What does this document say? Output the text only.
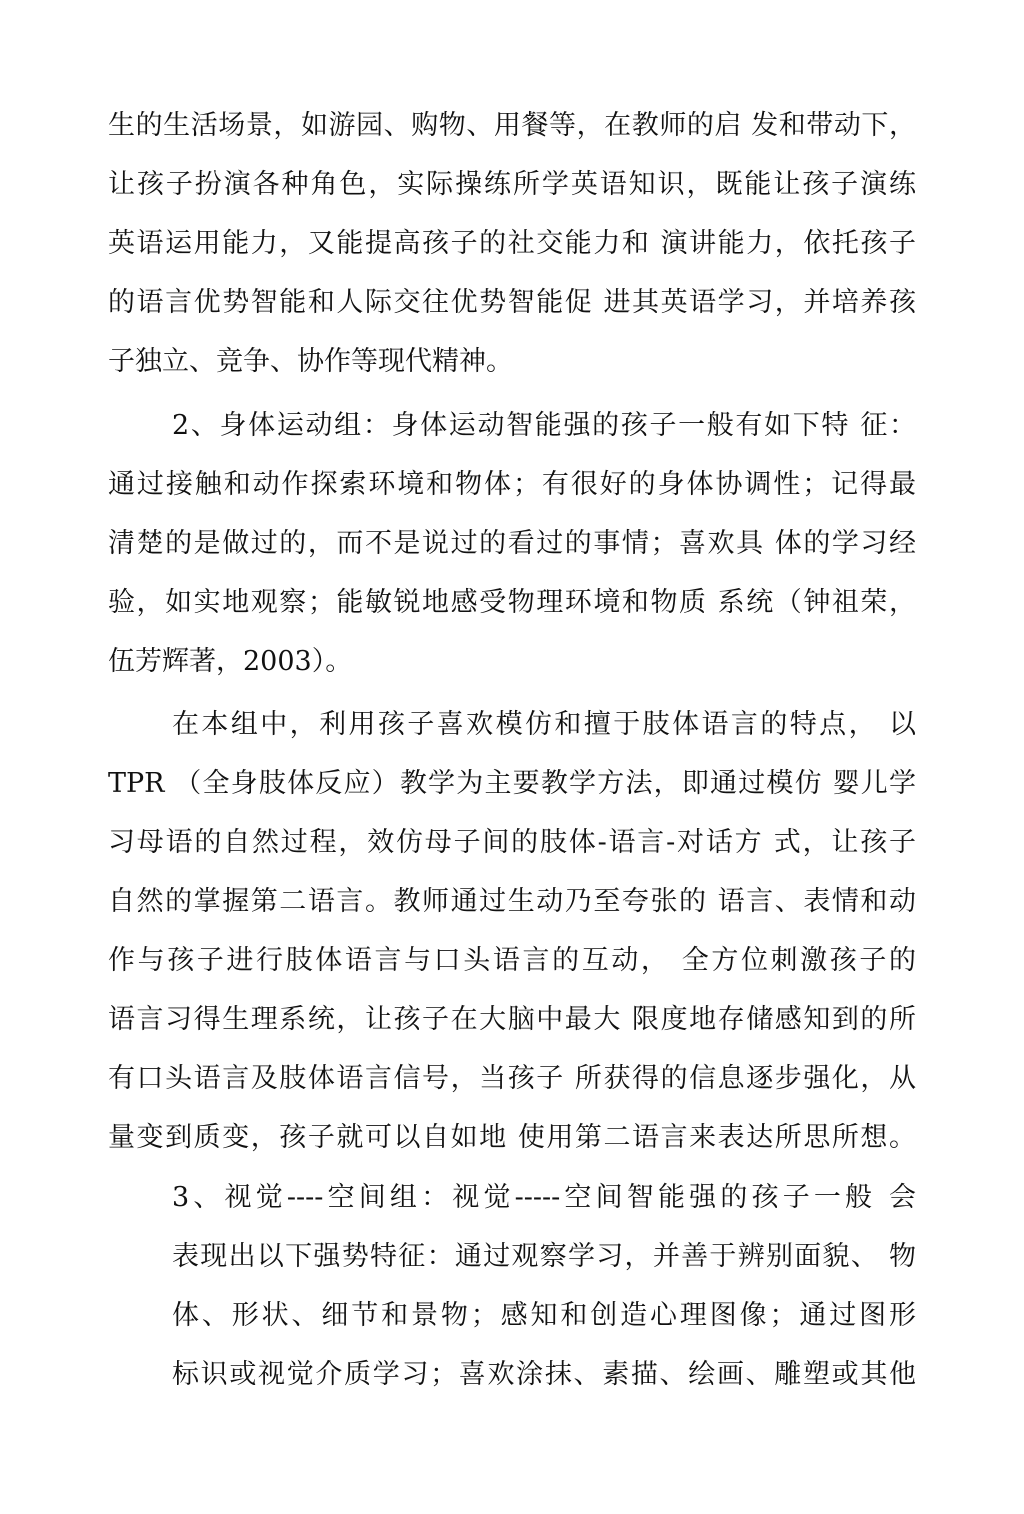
生的生活场景，如游园、购物、用餐等，在教师的启 发和带动下，
让孩子扮演各种角色，实际操练所学英语知识，既能让孩子演练
英语运用能力，又能提高孩子的社交能力和 演讲能力，依托孩子
的语言优势智能和人际交往优势智能促 进其英语学习，并培养孩
子独立、竞争、协作等现代精神。
2、身体运动组：身体运动智能强的孩子一般有如下特 征：
通过接触和动作探索环境和物体；有很好的身体协调性；记得最
清楚的是做过的，而不是说过的看过的事情；喜欢具 体的学习经
验，如实地观察；能敏锐地感受物理环境和物质 系统（钟祖荣，
伍芳辉著，2003）。
在本组中，利用孩子喜欢模仿和擅于肢体语言的特点， 以
TPR （全身肢体反应）教学为主要教学方法，即通过模仿 婴儿学
习母语的自然过程，效仿母子间的肢体-语言-对话方 式，让孩子
自然的掌握第二语言。教师通过生动乃至夸张的 语言、表情和动
作与孩子进行肢体语言与口头语言的互动， 全方位刺激孩子的
语言习得生理系统，让孩子在大脑中最大 限度地存储感知到的所
有口头语言及肢体语言信号，当孩子 所获得的信息逐步强化，从
量变到质变，孩子就可以自如地 使用第二语言来表达所思所想。
3、视觉----空间组：视觉-----空间智能强的孩子一般 会
表现出以下强势特征：通过观察学习，并善于辨别面貌、 物
体、形状、细节和景物；感知和创造心理图像；通过图形
标识或视觉介质学习；喜欢涂抹、素描、绘画、雕塑或其他
